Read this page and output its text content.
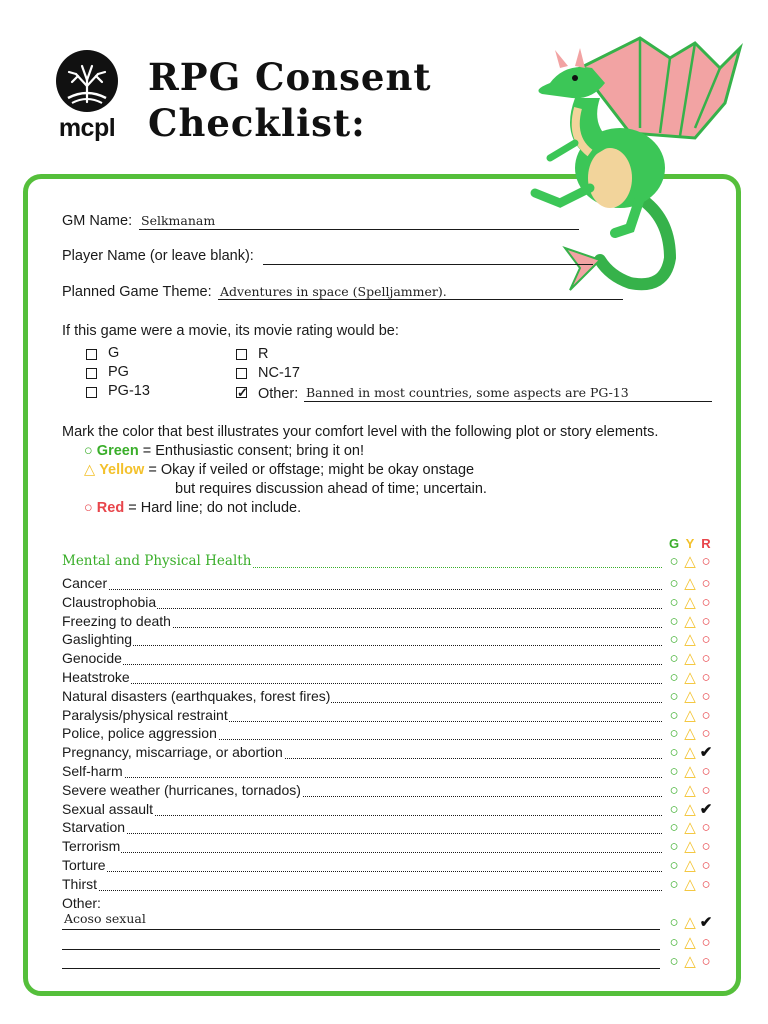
mcpl
RPG Consent
Checklist:
GM Name: Selkmanam
Player Name (or leave blank):
Planned Game Theme: Adventures in space (Spelljammer).
If this game were a movie, its movie rating would be:
G
PG
PG-13
R
NC-17
✓ Other: Banned in most countries, some aspects are PG-13
Mark the color that best illustrates your comfort level with the following plot or story elements.
○ Green = Enthusiastic consent; bring it on!
△ Yellow = Okay if veiled or offstage; might be okay onstage
but requires discussion ahead of time; uncertain.
○ Red = Hard line; do not include.
G Y R
Mental and Physical Health	○ △ ○
Cancer	○ △ ○
Claustrophobia	○ △ ○
Freezing to death	○ △ ○
Gaslighting	○ △ ○
Genocide	○ △ ○
Heatstroke	○ △ ○
Natural disasters (earthquakes, forest fires)	○ △ ○
Paralysis/physical restraint	○ △ ○
Police, police aggression	○ △ ○
Pregnancy, miscarriage, or abortion	○ △ ✔
Self-harm	○ △ ○
Severe weather (hurricanes, tornados)	○ △ ○
Sexual assault	○ △ ✔
Starvation	○ △ ○
Terrorism	○ △ ○
Torture	○ △ ○
Thirst	○ △ ○
Other:
Acoso sexual	○ △ ✔
○ △ ○
○ △ ○
